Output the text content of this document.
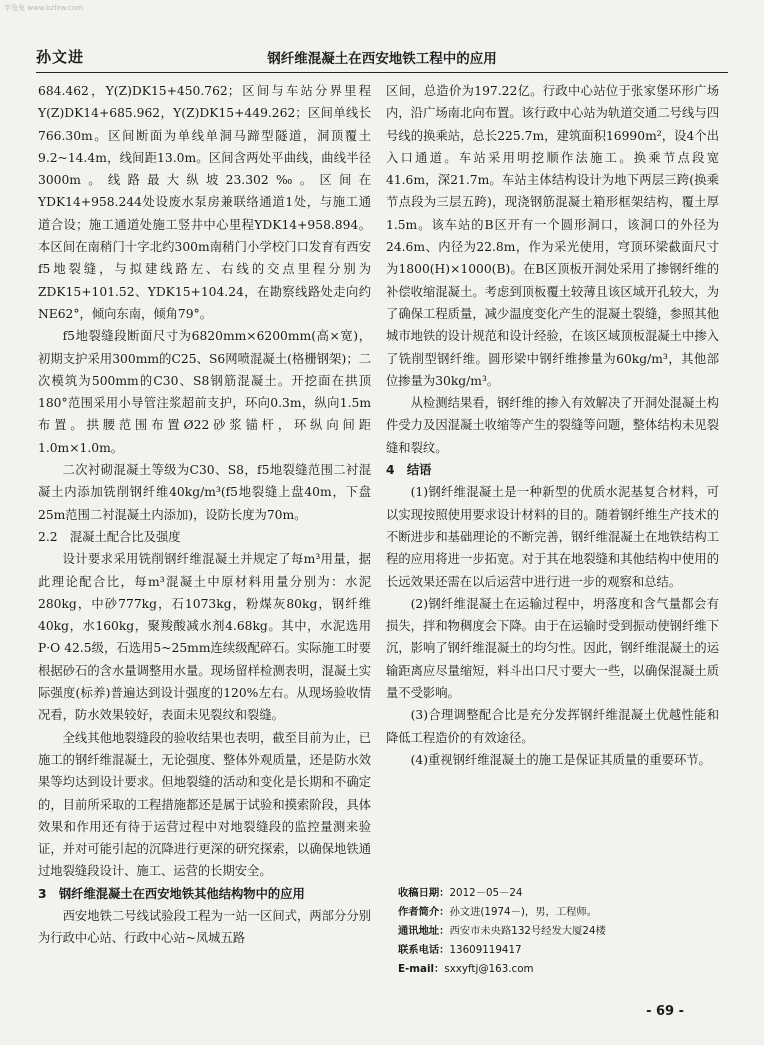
学兔兔 www.bzfxw.com
孙文进	钢纤维混凝土在西安地铁工程中的应用

684.462，Y(Z)DK15+450.762；区间与车站分界里程Y(Z)DK14+685.962，Y(Z)DK15+449.262；区间单线长766.30m。区间断面为单线单洞马蹄型隧道，洞顶覆土9.2~14.4m，线间距13.0m。区间含两处平曲线，曲线半径3000m。线路最大纵坡23.302‰。区间在YDK14+958.244处设废水泵房兼联络通道1处，与施工通道合设；施工通道处施工竖井中心里程YDK14+958.894。本区间在南稍门十字北约300m南稍门小学校门口发育有西安f5地裂缝，与拟建线路左、右线的交点里程分别为ZDK15+101.52、YDK15+104.24，在勘察线路处走向约NE62°，倾向东南，倾角79°。

f5地裂缝段断面尺寸为6820mm×6200mm(高×宽)，初期支护采用300mm的C25、S6网喷混凝土(格栅钢架)；二次模筑为500mm的C30、S8钢筋混凝土。开挖面在拱顶180°范围采用小导管注浆超前支护，环向0.3m，纵向1.5m布置。拱腰范围布置Ø22砂浆锚杆，环纵向间距1.0m×1.0m。

二次衬砌混凝土等级为C30、S8，f5地裂缝范围二衬混凝土内添加铣削钢纤维40kg/m³(f5地裂缝上盘40m，下盘25m范围二衬混凝土内添加)，设防长度为70m。

2.2　混凝土配合比及强度

设计要求采用铣削钢纤维混凝土并规定了每m³用量，据此理论配合比，每m³混凝土中原材料用量分别为：水泥280kg，中砂777kg，石1073kg，粉煤灰80kg，钢纤维40kg，水160kg，聚羧酸减水剂4.68kg。其中，水泥选用P·O 42.5级，石选用5~25mm连续级配碎石。实际施工时要根据砂石的含水量调整用水量。现场留样检测表明，混凝土实际强度(标养)普遍达到设计强度的120%左右。从现场验收情况看，防水效果较好，表面未见裂纹和裂缝。

全线其他地裂缝段的验收结果也表明，截至目前为止，已施工的钢纤维混凝土，无论强度、整体外观质量，还是防水效果等均达到设计要求。但地裂缝的活动和变化是长期和不确定的，目前所采取的工程措施都还是属于试验和摸索阶段，具体效果和作用还有待于运营过程中对地裂缝段的监控量测来验证，并对可能引起的沉降进行更深的研究探索，以确保地铁通过地裂缝段设计、施工、运营的长期安全。

3　钢纤维混凝土在西安地铁其他结构物中的应用

西安地铁二号线试验段工程为一站一区间式，两部分分别为行政中心站、行政中心站~凤城五路

区间，总造价为197.22亿。行政中心站位于张家堡环形广场内，沿广场南北向布置。该行政中心站为轨道交通二号线与四号线的换乘站，总长225.7m，建筑面积16990m²，设4个出入口通道。车站采用明挖顺作法施工。换乘节点段宽41.6m，深21.7m。车站主体结构设计为地下两层三跨(换乘节点段为三层五跨)，现浇钢筋混凝土箱形框架结构，覆土厚1.5m。该车站的B区开有一个圆形洞口，该洞口的外径为24.6m、内径为22.8m，作为采光使用，穹顶环梁截面尺寸为1800(H)×1000(B)。在B区顶板开洞处采用了掺钢纤维的补偿收缩混凝土。考虑到顶板覆土较薄且该区域开孔较大，为了确保工程质量，减少温度变化产生的混凝土裂缝，参照其他城市地铁的设计规范和设计经验，在该区域顶板混凝土中掺入了铣削型钢纤维。圆形梁中钢纤维掺量为60kg/m³，其他部位掺量为30kg/m³。

从检测结果看，钢纤维的掺入有效解决了开洞处混凝土构件受力及因混凝土收缩等产生的裂缝等问题，整体结构未见裂缝和裂纹。

4　结语

(1)钢纤维混凝土是一种新型的优质水泥基复合材料，可以实现按照使用要求设计材料的目的。随着钢纤维生产技术的不断进步和基础理论的不断完善，钢纤维混凝土在地铁结构工程的应用将进一步拓宽。对于其在地裂缝和其他结构中使用的长远效果还需在以后运营中进行进一步的观察和总结。

(2)钢纤维混凝土在运输过程中，坍落度和含气量都会有损失，拌和物稠度会下降。由于在运输时受到振动使钢纤维下沉，影响了钢纤维混凝土的均匀性。因此，钢纤维混凝土的运输距离应尽量缩短，料斗出口尺寸要大一些，以确保混凝土质量不受影响。

(3)合理调整配合比是充分发挥钢纤维混凝土优越性能和降低工程造价的有效途径。

(4)重视钢纤维混凝土的施工是保证其质量的重要环节。

收稿日期：2012－05－24
作者简介：孙文进(1974－)，男，工程师。
通讯地址：西安市未央路132号经发大厦24楼
联系电话：13609119417
E-mail：sxxyftj@163.com
- 69 -
